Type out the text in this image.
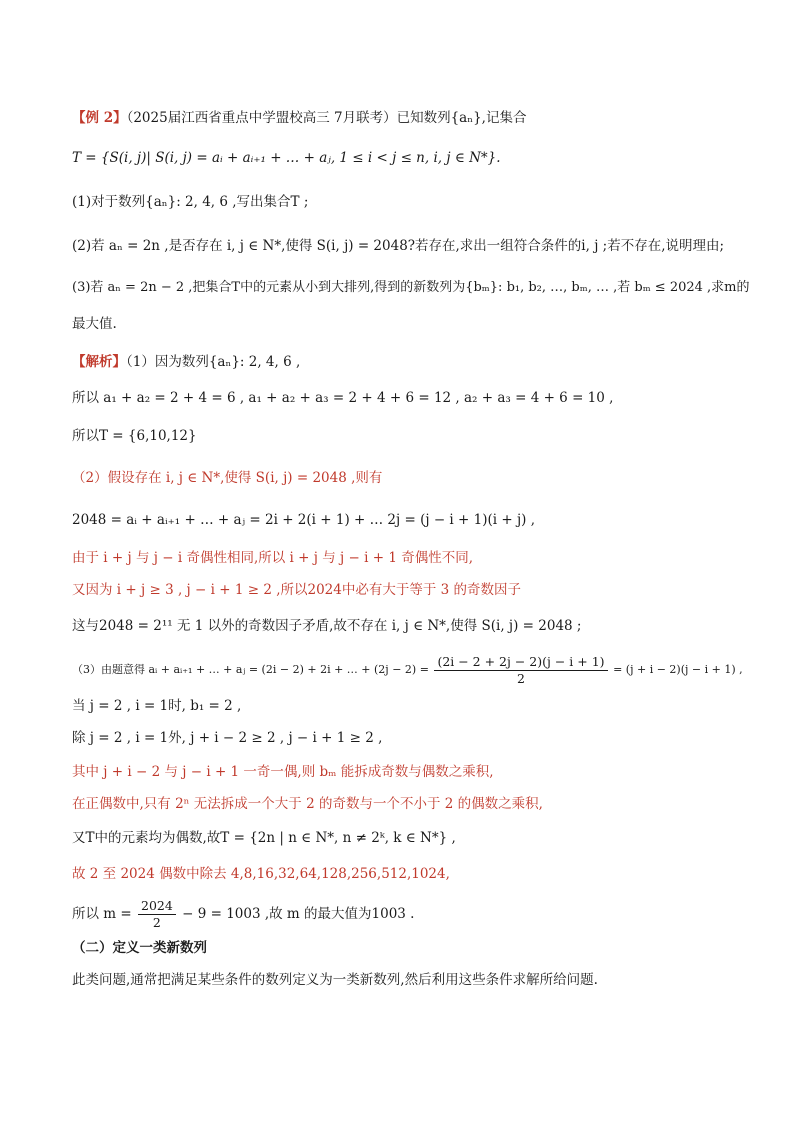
【例 2】（2025届江西省重点中学盟校高三 7月联考）已知数列{aₙ},记集合
T = {S(i, j)| S(i, j) = aᵢ + aᵢ₊₁ + … + aⱼ, 1 ≤ i < j ≤ n, i, j ∈ N*}.
(1)对于数列{aₙ}: 2, 4, 6 ,写出集合T ;
(2)若 aₙ = 2n ,是否存在 i, j ∈ N*,使得 S(i, j) = 2048?若存在,求出一组符合条件的i, j ;若不存在,说明理由;
(3)若 aₙ = 2n − 2 ,把集合T中的元素从小到大排列,得到的新数列为{bₘ}: b₁, b₂, …, bₘ, … ,若 bₘ ≤ 2024 ,求m的
最大值.
【解析】（1）因为数列{aₙ}: 2, 4, 6 ,
所以 a₁ + a₂ = 2 + 4 = 6 , a₁ + a₂ + a₃ = 2 + 4 + 6 = 12 , a₂ + a₃ = 4 + 6 = 10 ,
所以T = {6,10,12}
（2）假设存在 i, j ∈ N*,使得 S(i, j) = 2048 ,则有
2048 = aᵢ + aᵢ₊₁ + … + aⱼ = 2i + 2(i + 1) + … 2j = (j − i + 1)(i + j) ,
由于 i + j 与 j − i 奇偶性相同,所以 i + j 与 j − i + 1 奇偶性不同,
又因为 i + j ≥ 3 , j − i + 1 ≥ 2 ,所以2024中必有大于等于 3 的奇数因子
这与2048 = 2¹¹ 无 1 以外的奇数因子矛盾,故不存在 i, j ∈ N*,使得 S(i, j) = 2048 ;
（3）由题意得 aᵢ + aᵢ₊₁ + … + aⱼ = (2i − 2) + 2i + … + $(2j - 2) = \frac{(2i - 2 + 2j - 2)(j - i + 1)}{2} = (j + i - 2)(j - i + 1)$ ,
当 j = 2 , i = 1时, b₁ = 2 ,
除 j = 2 , i = 1外, j + i − 2 ≥ 2 , j − i + 1 ≥ 2 ,
其中 j + i − 2 与 j − i + 1 一奇一偶,则 bₘ 能拆成奇数与偶数之乘积,
在正偶数中,只有 2ⁿ 无法拆成一个大于 2 的奇数与一个不小于 2 的偶数之乘积,
又T中的元素均为偶数,故T = {2n | n ∈ N*, n ≠ 2ᵏ, k ∈ N*} ,
故 2 至 2024 偶数中除去 4,8,16,32,64,128,256,512,1024,
所以 $m = \frac{2024}{2} - 9 = 1003$ ,故 m 的最大值为1003 .
（二）定义一类新数列
此类问题,通常把满足某些条件的数列定义为一类新数列,然后利用这些条件求解所给问题.
